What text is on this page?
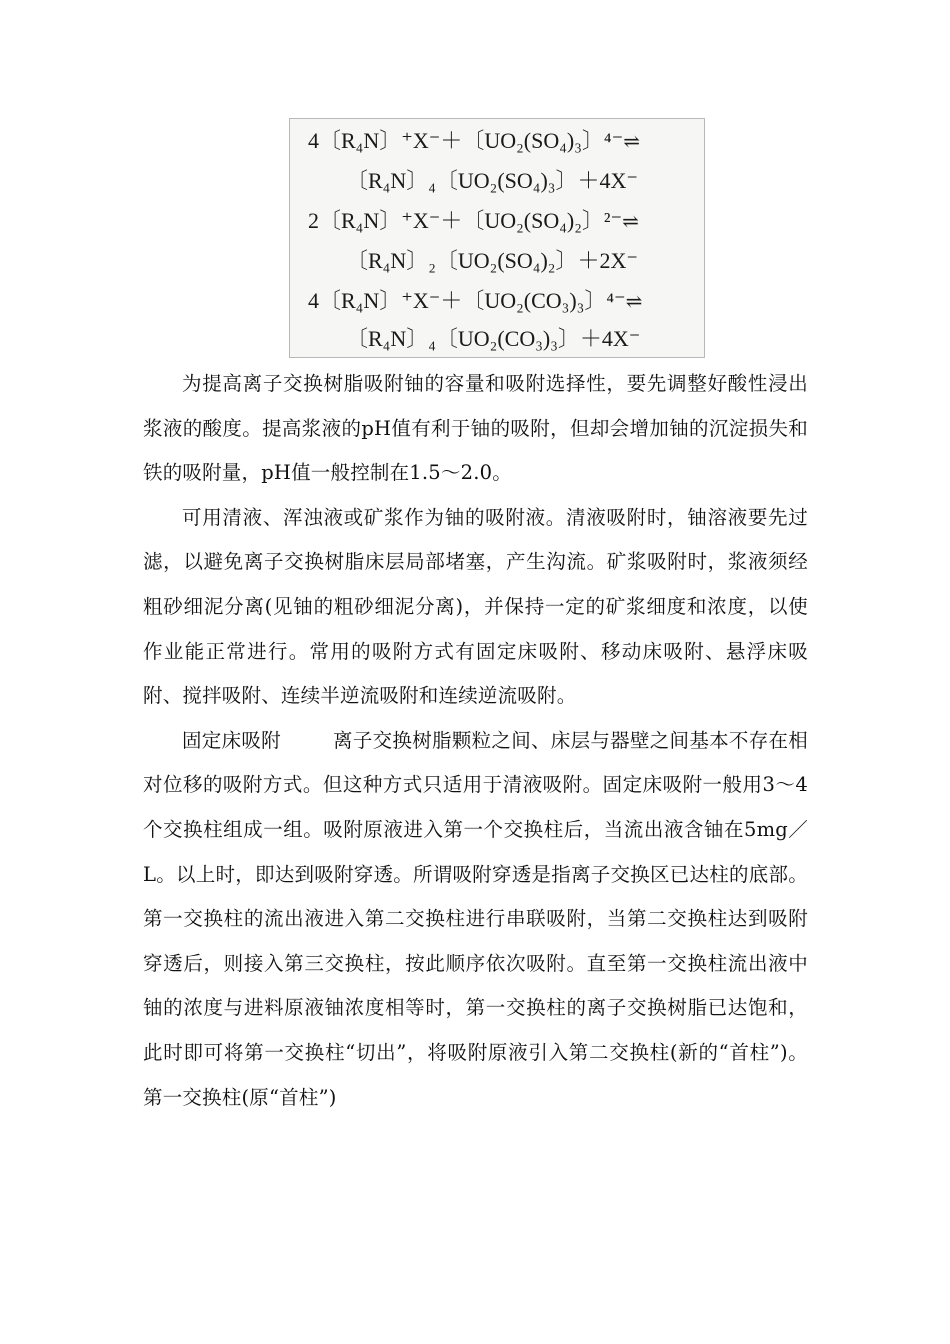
4〔R₄N〕⁺X⁻＋〔UO₂(SO₄)₃〕⁴⁻⇌
〔R₄N〕₄〔UO₂(SO₄)₃〕＋4X⁻
2〔R₄N〕⁺X⁻＋〔UO₂(SO₄)₂〕²⁻⇌
〔R₄N〕₂〔UO₂(SO₄)₂〕＋2X⁻
4〔R₄N〕⁺X⁻＋〔UO₂(CO₃)₃〕⁴⁻⇌
〔R₄N〕₄〔UO₂(CO₃)₃〕＋4X⁻

为提高离子交换树脂吸附铀的容量和吸附选择性，要先调整好酸性浸出浆液的酸度。提高浆液的pH值有利于铀的吸附，但却会增加铀的沉淀损失和铁的吸附量，pH值一般控制在1.5～2.0。

可用清液、浑浊液或矿浆作为铀的吸附液。清液吸附时，铀溶液要先过滤，以避免离子交换树脂床层局部堵塞，产生沟流。矿浆吸附时，浆液须经粗砂细泥分离(见铀的粗砂细泥分离)，并保持一定的矿浆细度和浓度，以使作业能正常进行。常用的吸附方式有固定床吸附、移动床吸附、悬浮床吸附、搅拌吸附、连续半逆流吸附和连续逆流吸附。

固定床吸附	离子交换树脂颗粒之间、床层与器壁之间基本不存在相对位移的吸附方式。但这种方式只适用于清液吸附。固定床吸附一般用3～4个交换柱组成一组。吸附原液进入第一个交换柱后，当流出液含铀在5mg／L。以上时，即达到吸附穿透。所谓吸附穿透是指离子交换区已达柱的底部。第一交换柱的流出液进入第二交换柱进行串联吸附，当第二交换柱达到吸附穿透后，则接入第三交换柱，按此顺序依次吸附。直至第一交换柱流出液中铀的浓度与进料原液铀浓度相等时，第一交换柱的离子交换树脂已达饱和，此时即可将第一交换柱“切出”，将吸附原液引入第二交换柱(新的“首柱”)。第一交换柱(原“首柱”)
